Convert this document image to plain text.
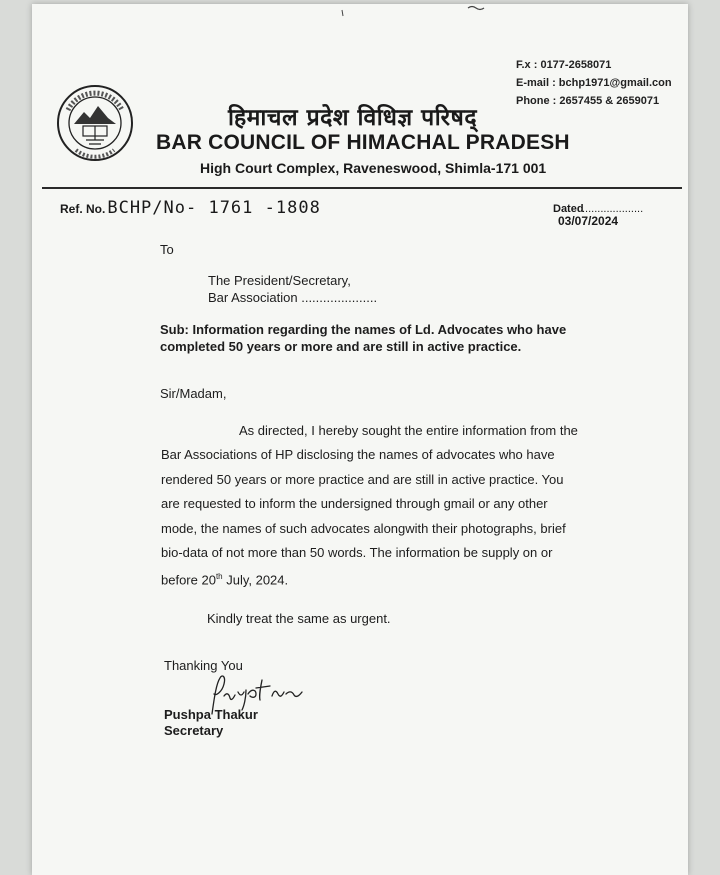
F.x : 0177-2658071
E-mail : bchp1971@gmail.con
Phone : 2657455 & 2659071
हिमाचल प्रदेश विधिज्ञ परिषद्
BAR COUNCIL OF HIMACHAL PRADESH
High Court Complex, Raveneswood, Shimla-171 001
Ref. No. BCHP/No- 1761 -1808	Dated
....................
03/07/2024
To
The President/Secretary,
Bar Association .....................
Sub: Information regarding the names of Ld. Advocates who have
completed 50 years or more and are still in active practice.
Sir/Madam,
As directed, I hereby sought the entire information from the
Bar Associations of HP disclosing the names of advocates who have
rendered 50 years or more practice and are still in active practice. You
are requested to inform the undersigned through gmail or any other
mode, the names of such advocates alongwith their photographs, brief
bio-data of not more than 50 words. The information be supply on or
before 20th July, 2024.
Kindly treat the same as urgent.
Thanking You
Pushpa Thakur
Secretary
